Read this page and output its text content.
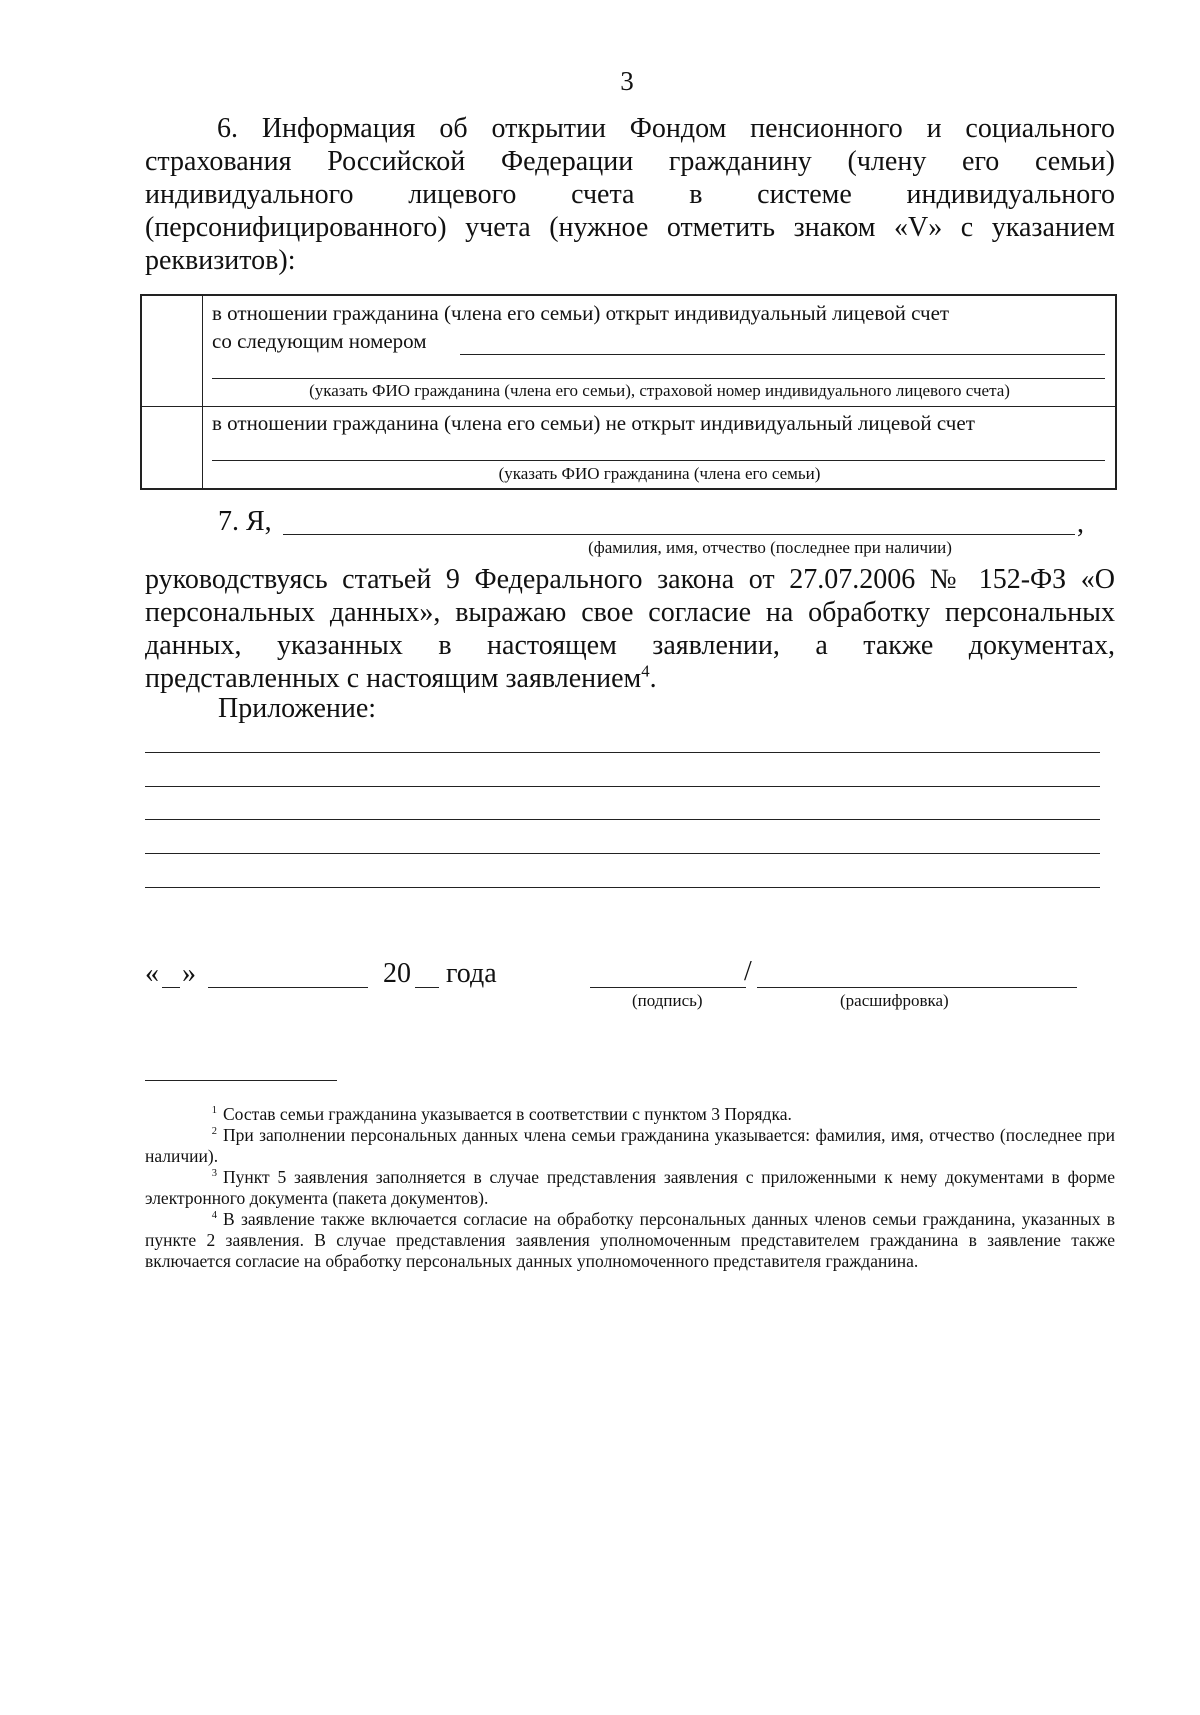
3
6. Информация об открытии Фондом пенсионного и социального страхования Российской Федерации гражданину (члену его семьи) индивидуального лицевого счета в системе индивидуального (персонифицированного) учета (нужное отметить знаком «V» с указанием реквизитов):
в отношении гражданина (члена его семьи) открыт индивидуальный лицевой счет
со следующим номером
(указать ФИО гражданина (члена его семьи), страховой номер индивидуального лицевого счета)
в отношении гражданина (члена его семьи) не открыт индивидуальный лицевой счет
(указать ФИО гражданина (члена его семьи)
7. Я,	,
(фамилия, имя, отчество (последнее при наличии)
руководствуясь статьей 9 Федерального закона от 27.07.2006 № 152-ФЗ «О персональных данных», выражаю свое согласие на обработку персональных данных, указанных в настоящем заявлении, а также документах, представленных с настоящим заявлением$^4$.
Приложение:
« »	20 года	/
(подпись)	(расшифровка)

$^1$ Состав семьи гражданина указывается в соответствии с пунктом 3 Порядка.

$^2$ При заполнении персональных данных члена семьи гражданина указывается: фамилия, имя, отчество (последнее при наличии).

$^3$ Пункт 5 заявления заполняется в случае представления заявления с приложенными к нему документами в форме электронного документа (пакета документов).

$^4$ В заявление также включается согласие на обработку персональных данных членов семьи гражданина, указанных в пункте 2 заявления. В случае представления заявления уполномоченным представителем гражданина в заявление также включается согласие на обработку персональных данных уполномоченного представителя гражданина.
